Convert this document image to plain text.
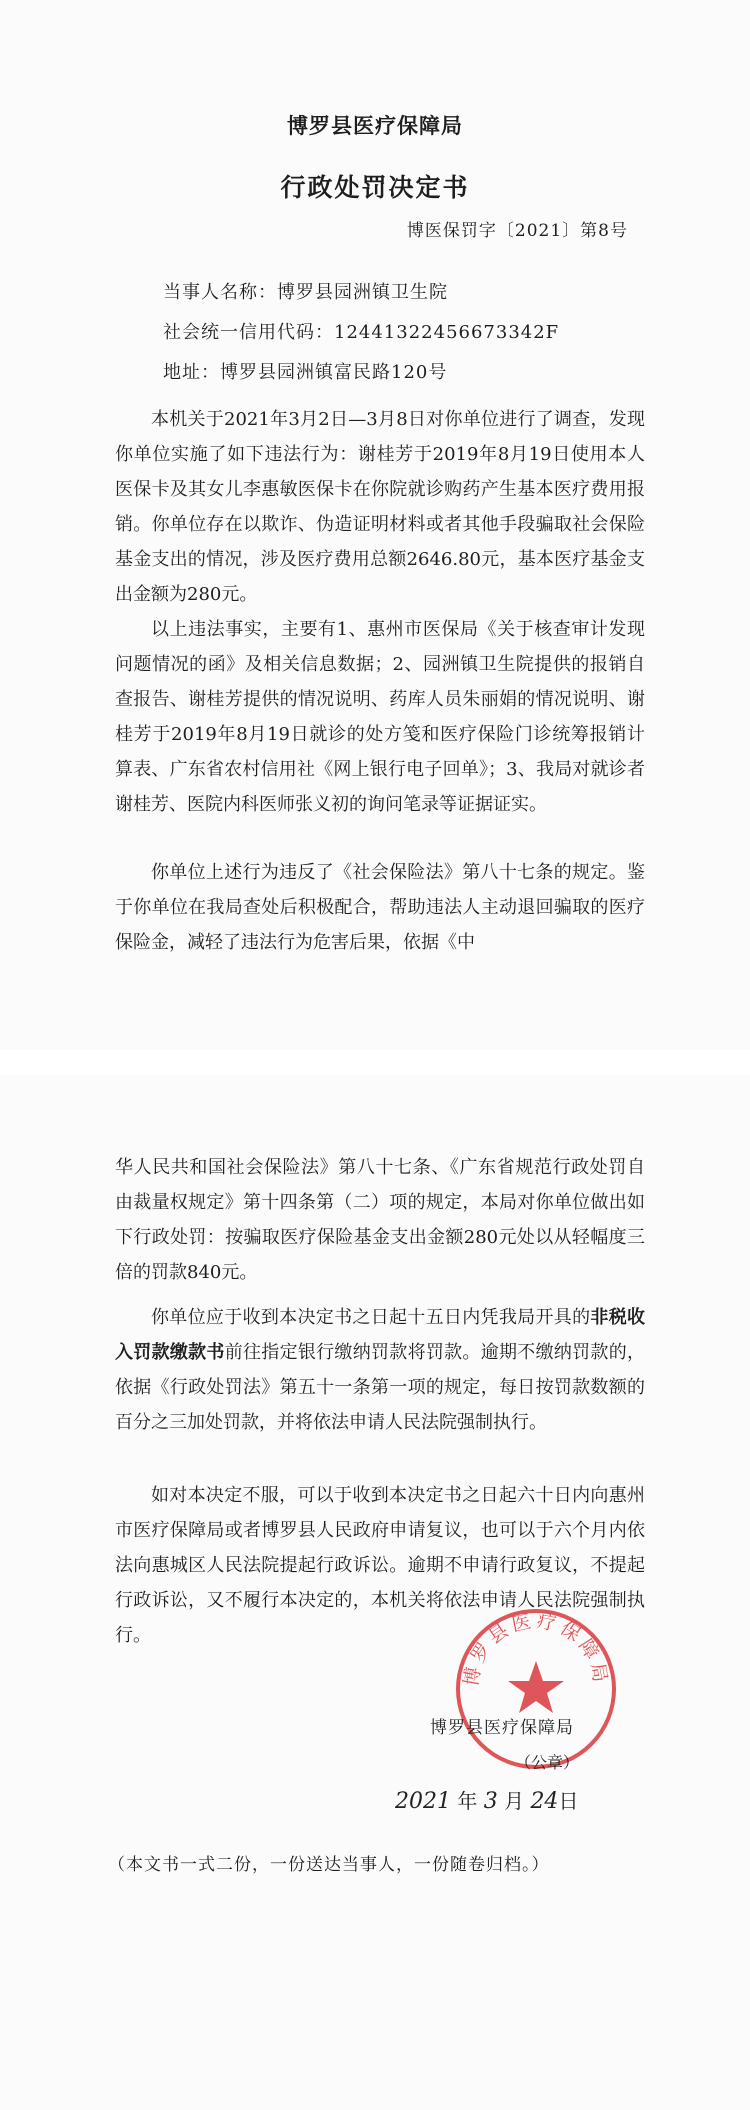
博罗县医疗保障局
行政处罚决定书
博医保罚字〔2021〕第8号
当事人名称：博罗县园洲镇卫生院
社会统一信用代码：12441322456673342F
地址：博罗县园洲镇富民路120号

本机关于2021年3月2日—3月8日对你单位进行了调查，发现你单位实施了如下违法行为：谢桂芳于2019年8月19日使用本人医保卡及其女儿李惠敏医保卡在你院就诊购药产生基本医疗费用报销。你单位存在以欺诈、伪造证明材料或者其他手段骗取社会保险基金支出的情况，涉及医疗费用总额2646.80元，基本医疗基金支出金额为280元。

以上违法事实，主要有1、惠州市医保局《关于核查审计发现问题情况的函》及相关信息数据；2、园洲镇卫生院提供的报销自查报告、谢桂芳提供的情况说明、药库人员朱丽娟的情况说明、谢桂芳于2019年8月19日就诊的处方笺和医疗保险门诊统筹报销计算表、广东省农村信用社《网上银行电子回单》；3、我局对就诊者谢桂芳、医院内科医师张义初的询问笔录等证据证实。

你单位上述行为违反了《社会保险法》第八十七条的规定。鉴于你单位在我局查处后积极配合，帮助违法人主动退回骗取的医疗保险金，减轻了违法行为危害后果，依据《中

华人民共和国社会保险法》第八十七条、《广东省规范行政处罚自由裁量权规定》第十四条第（二）项的规定，本局对你单位做出如下行政处罚：按骗取医疗保险基金支出金额280元处以从轻幅度三倍的罚款840元。

你单位应于收到本决定书之日起十五日内凭我局开具的非税收入罚款缴款书前往指定银行缴纳罚款将罚款。逾期不缴纳罚款的，依据《行政处罚法》第五十一条第一项的规定，每日按罚款数额的百分之三加处罚款，并将依法申请人民法院强制执行。

如对本决定不服，可以于收到本决定书之日起六十日内向惠州市医疗保障局或者博罗县人民政府申请复议，也可以于六个月内依法向惠城区人民法院提起行政诉讼。逾期不申请行政复议，不提起行政诉讼，又不履行本决定的，本机关将依法申请人民法院强制执行。

博罗县医疗保障局
博罗县医疗保障局
（公章）
2021 年 3 月 24日
（本文书一式二份，一份送达当事人，一份随卷归档。）
